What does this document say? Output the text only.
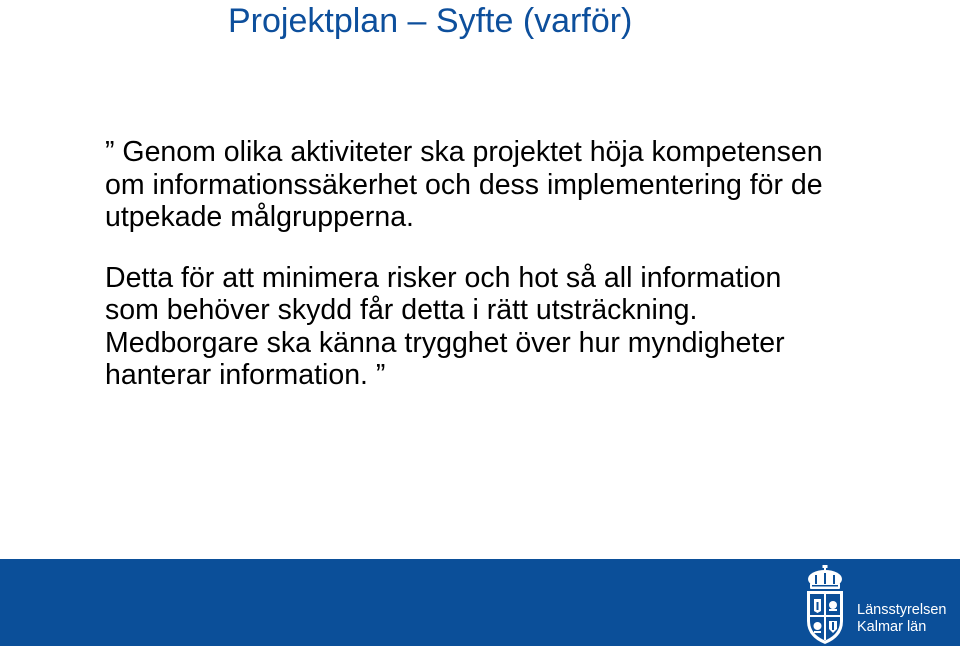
Projektplan – Syfte (varför)

” Genom olika aktiviteter ska projektet höja kompetensen om informationssäkerhet och dess implementering för de utpekade målgrupperna.

Detta för att minimera risker och hot så all information som behöver skydd får detta i rätt utsträckning. Medborgare ska känna trygghet över hur myndigheter hanterar information. ”

Länsstyrelsen
Kalmar län
